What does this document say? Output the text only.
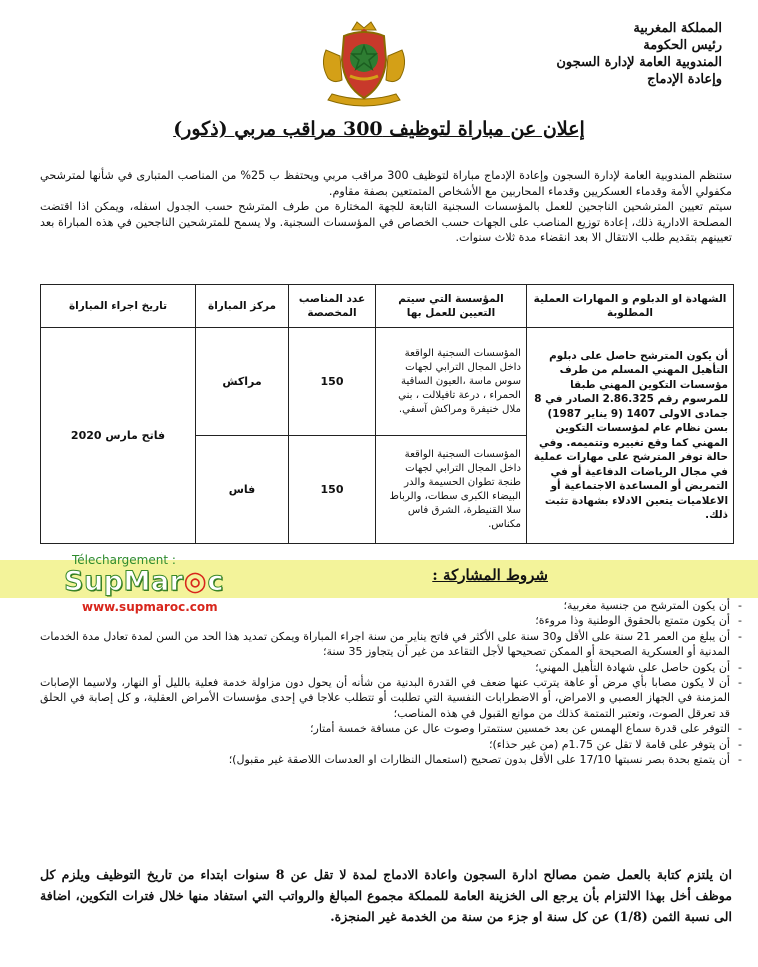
المملكة المغربية
رئيس الحكومة
المندوبية العامة لإدارة السجون
وإعادة الإدماج
إعلان عن مباراة لتوظيف 300 مراقب مربي (ذكور)
ستنظم المندوبية العامة لإدارة السجون وإعادة الإدماج مباراة لتوظيف 300 مراقب مربي ويحتفظ ب 25% من المناصب المتبارى في شأنها لمترشحي مكفولي الأمة وقدماء العسكريين وقدماء المحاربين مع الأشخاص المتمتعين بصفة مقاوم.
سيتم تعيين المترشحين الناجحين للعمل بالمؤسسات السجنية التابعة للجهة المختارة من طرف المترشح حسب الجدول اسفله، ويمكن اذا اقتضت المصلحة الادارية ذلك، إعادة توزيع المناصب على الجهات حسب الخصاص في المؤسسات السجنية. ولا يسمح للمترشحين الناجحين في هذه المباراة بعد تعيينهم بتقديم طلب الانتقال الا بعد انقضاء مدة ثلاث سنوات.
الشهادة او الدبلوم و المهارات العملية المطلوبة	المؤسسة التي سيتم التعيين للعمل بها	عدد المناصب المخصصة	مركز المباراة	تاريخ اجراء المباراة
أن يكون المترشح حاصل على دبلوم التأهيل المهني المسلم من طرف مؤسسات التكوين المهني طبقا للمرسوم رقم 2.86.325 الصادر في 8 جمادى الاولى 1407 (9 يناير 1987) بسن نظام عام لمؤسسات التكوين المهني كما وقع تغييره وتتميمه. وفي حالة توفر المترشح على مهارات عملية في مجال الرياضات الدفاعية أو في التمريض أو المساعدة الاجتماعية أو الاعلاميات يتعين الادلاء بشهادة تثبت ذلك.	المؤسسات السجنية الواقعة داخل المجال الترابي لجهات سوس ماسة ،العيون الساقية الحمراء ، درعة تافيلالت ، بني ملال خنيفرة ومراكش آسفي.	150	مراكش	فاتح مارس 2020
	المؤسسات السجنية الواقعة داخل المجال الترابي لجهات طنجة تطوان الحسيمة والدر البيضاء الكبرى سطات، والرباط سلا القنيطرة، الشرق فاس مكناس.	150	فاس	
شروط المشاركة :
Télechargement :
SupMar◎c
www.supmaroc.com	- أن يكون المترشح من جنسية مغربية؛
- أن يكون متمتع بالحقوق الوطنية وذا مروءة؛
- أن يبلغ من العمر 21 سنة على الأقل و30 سنة على الأكثر في فاتح يناير من سنة اجراء المباراة ويمكن تمديد هذا الحد من السن لمدة تعادل مدة الخدمات المدنية أو العسكرية الصحيحة أو الممكن تصحيحها لأجل التقاعد من غير أن يتجاوز 35 سنة؛
- أن يكون حاصل على شهادة التأهيل المهني؛
- أن لا يكون مصابا بأي مرض أو عاهة يترتب عنها ضعف في القدرة البدنية من شأنه أن يحول دون مزاولة خدمة فعلية بالليل أو النهار، ولاسيما الإصابات المزمنة في الجهاز العصبي و الامراض، أو الاضطرابات النفسية التي تطلبت أو تتطلب علاجا في إحدى مؤسسات الأمراض العقلية، و كل إصابة في الحلق قد تعرقل الصوت، وتعتبر التمتمة كذلك من موانع القبول في هذه المناصب؛
- التوفر على قدرة سماع الهمس عن بعد خمسين سنتمترا وصوت عال عن مسافة خمسة أمتار؛
- أن يتوفر على قامة لا تقل عن 1.75م (من غير حذاء)؛
- أن يتمتع بحدة بصر نسبتها 17/10 على الأقل بدون تصحيح (استعمال النظارات او العدسات اللاصقة غير مقبول)؛
ان يلتزم كتابة بالعمل ضمن مصالح ادارة السجون واعادة الادماج لمدة لا تقل عن 8 سنوات ابتداء من تاريخ التوظيف ويلزم كل موظف أخل بهذا الالتزام بأن يرجع الى الخزينة العامة للمملكة مجموع المبالغ والرواتب التي استفاد منها خلال فترات التكوين، اضافة الى نسبة الثمن (1/8) عن كل سنة او جزء من سنة من الخدمة غير المنجزة.
